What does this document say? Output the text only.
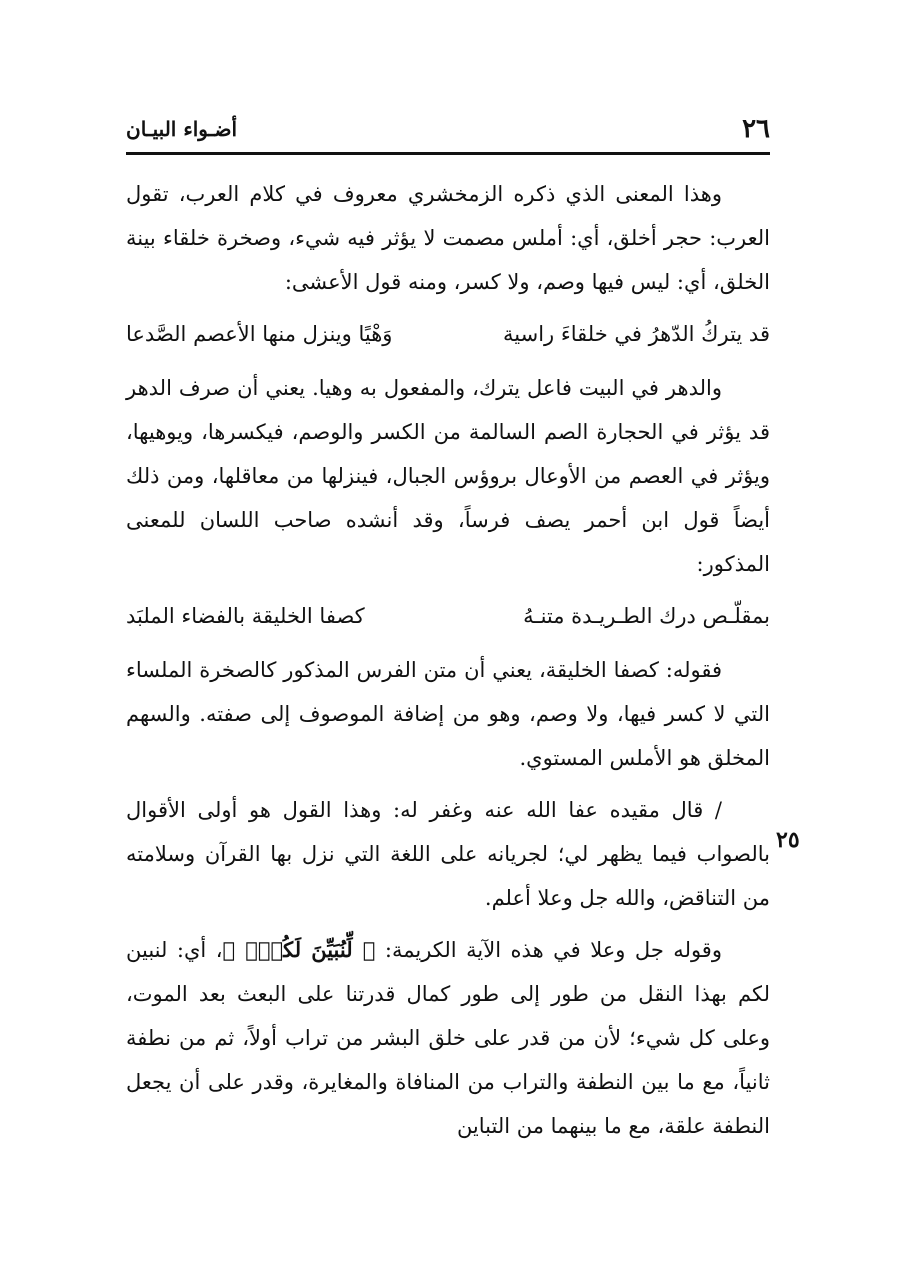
٢٦
أضـواء البيـان

وهذا المعنى الذي ذكره الزمخشري معروف في كلام العرب، تقول العرب: حجر أخلق، أي: أملس مصمت لا يؤثر فيه شيء، وصخرة خلقاء بينة الخلق، أي: ليس فيها وصم، ولا كسر، ومنه قول الأعشى:

قد يتركُ الدّهرُ في خلقاءَ راسية
وَهْيًا وينزل منها الأعصم الصَّدعا

والدهر في البيت فاعل يترك، والمفعول به وهيا. يعني أن صرف الدهر قد يؤثر في الحجارة الصم السالمة من الكسر والوصم، فيكسرها، ويوهيها، ويؤثر في العصم من الأوعال بروؤس الجبال، فينزلها من معاقلها، ومن ذلك أيضاً قول ابن أحمر يصف فرساً، وقد أنشده صاحب اللسان للمعنى المذكور:

بمقلّـص درك الطـريـدة متنـهُ
كصفا الخليقة بالفضاء الملبَد

فقوله: كصفا الخليقة، يعني أن متن الفرس المذكور كالصخرة الملساء التي لا كسر فيها، ولا وصم، وهو من إضافة الموصوف إلى صفته. والسهم المخلق هو الأملس المستوي.

/ قال مقيده عفا الله عنه وغفر له: وهذا القول هو أولى الأقوال بالصواب فيما يظهر لي؛ لجريانه على اللغة التي نزل بها القرآن وسلامته من التناقض، والله جل وعلا أعلم.

وقوله جل وعلا في هذه الآية الكريمة: ﴿ لِّنُبَيِّنَ لَكُمْۚ ﴾، أي: لنبين لكم بهذا النقل من طور إلى طور كمال قدرتنا على البعث بعد الموت، وعلى كل شيء؛ لأن من قدر على خلق البشر من تراب أولاً، ثم من نطفة ثانياً، مع ما بين النطفة والتراب من المنافاة والمغايرة، وقدر على أن يجعل النطفة علقة، مع ما بينهما من التباين

٢٥
